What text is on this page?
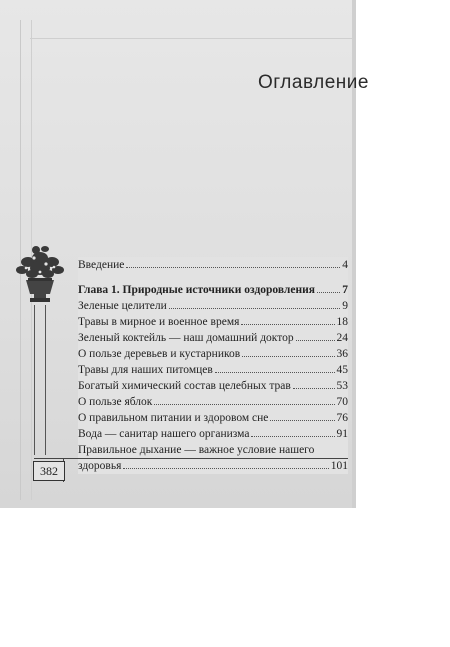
Оглавление
Введение	4
Глава 1. Природные источники оздоровления 7
Зеленые целители	9
Травы в мирное и военное время	18
Зеленый коктейль — наш домашний доктор	24
О пользе деревьев и кустарников	36
Травы для наших питомцев	45
Богатый химический состав целебных трав	53
О пользе яблок	70
О правильном питании и здоровом сне	76
Вода — санитар нашего организма	91
Правильное дыхание — важное условие нашего
здоровья	101
382
